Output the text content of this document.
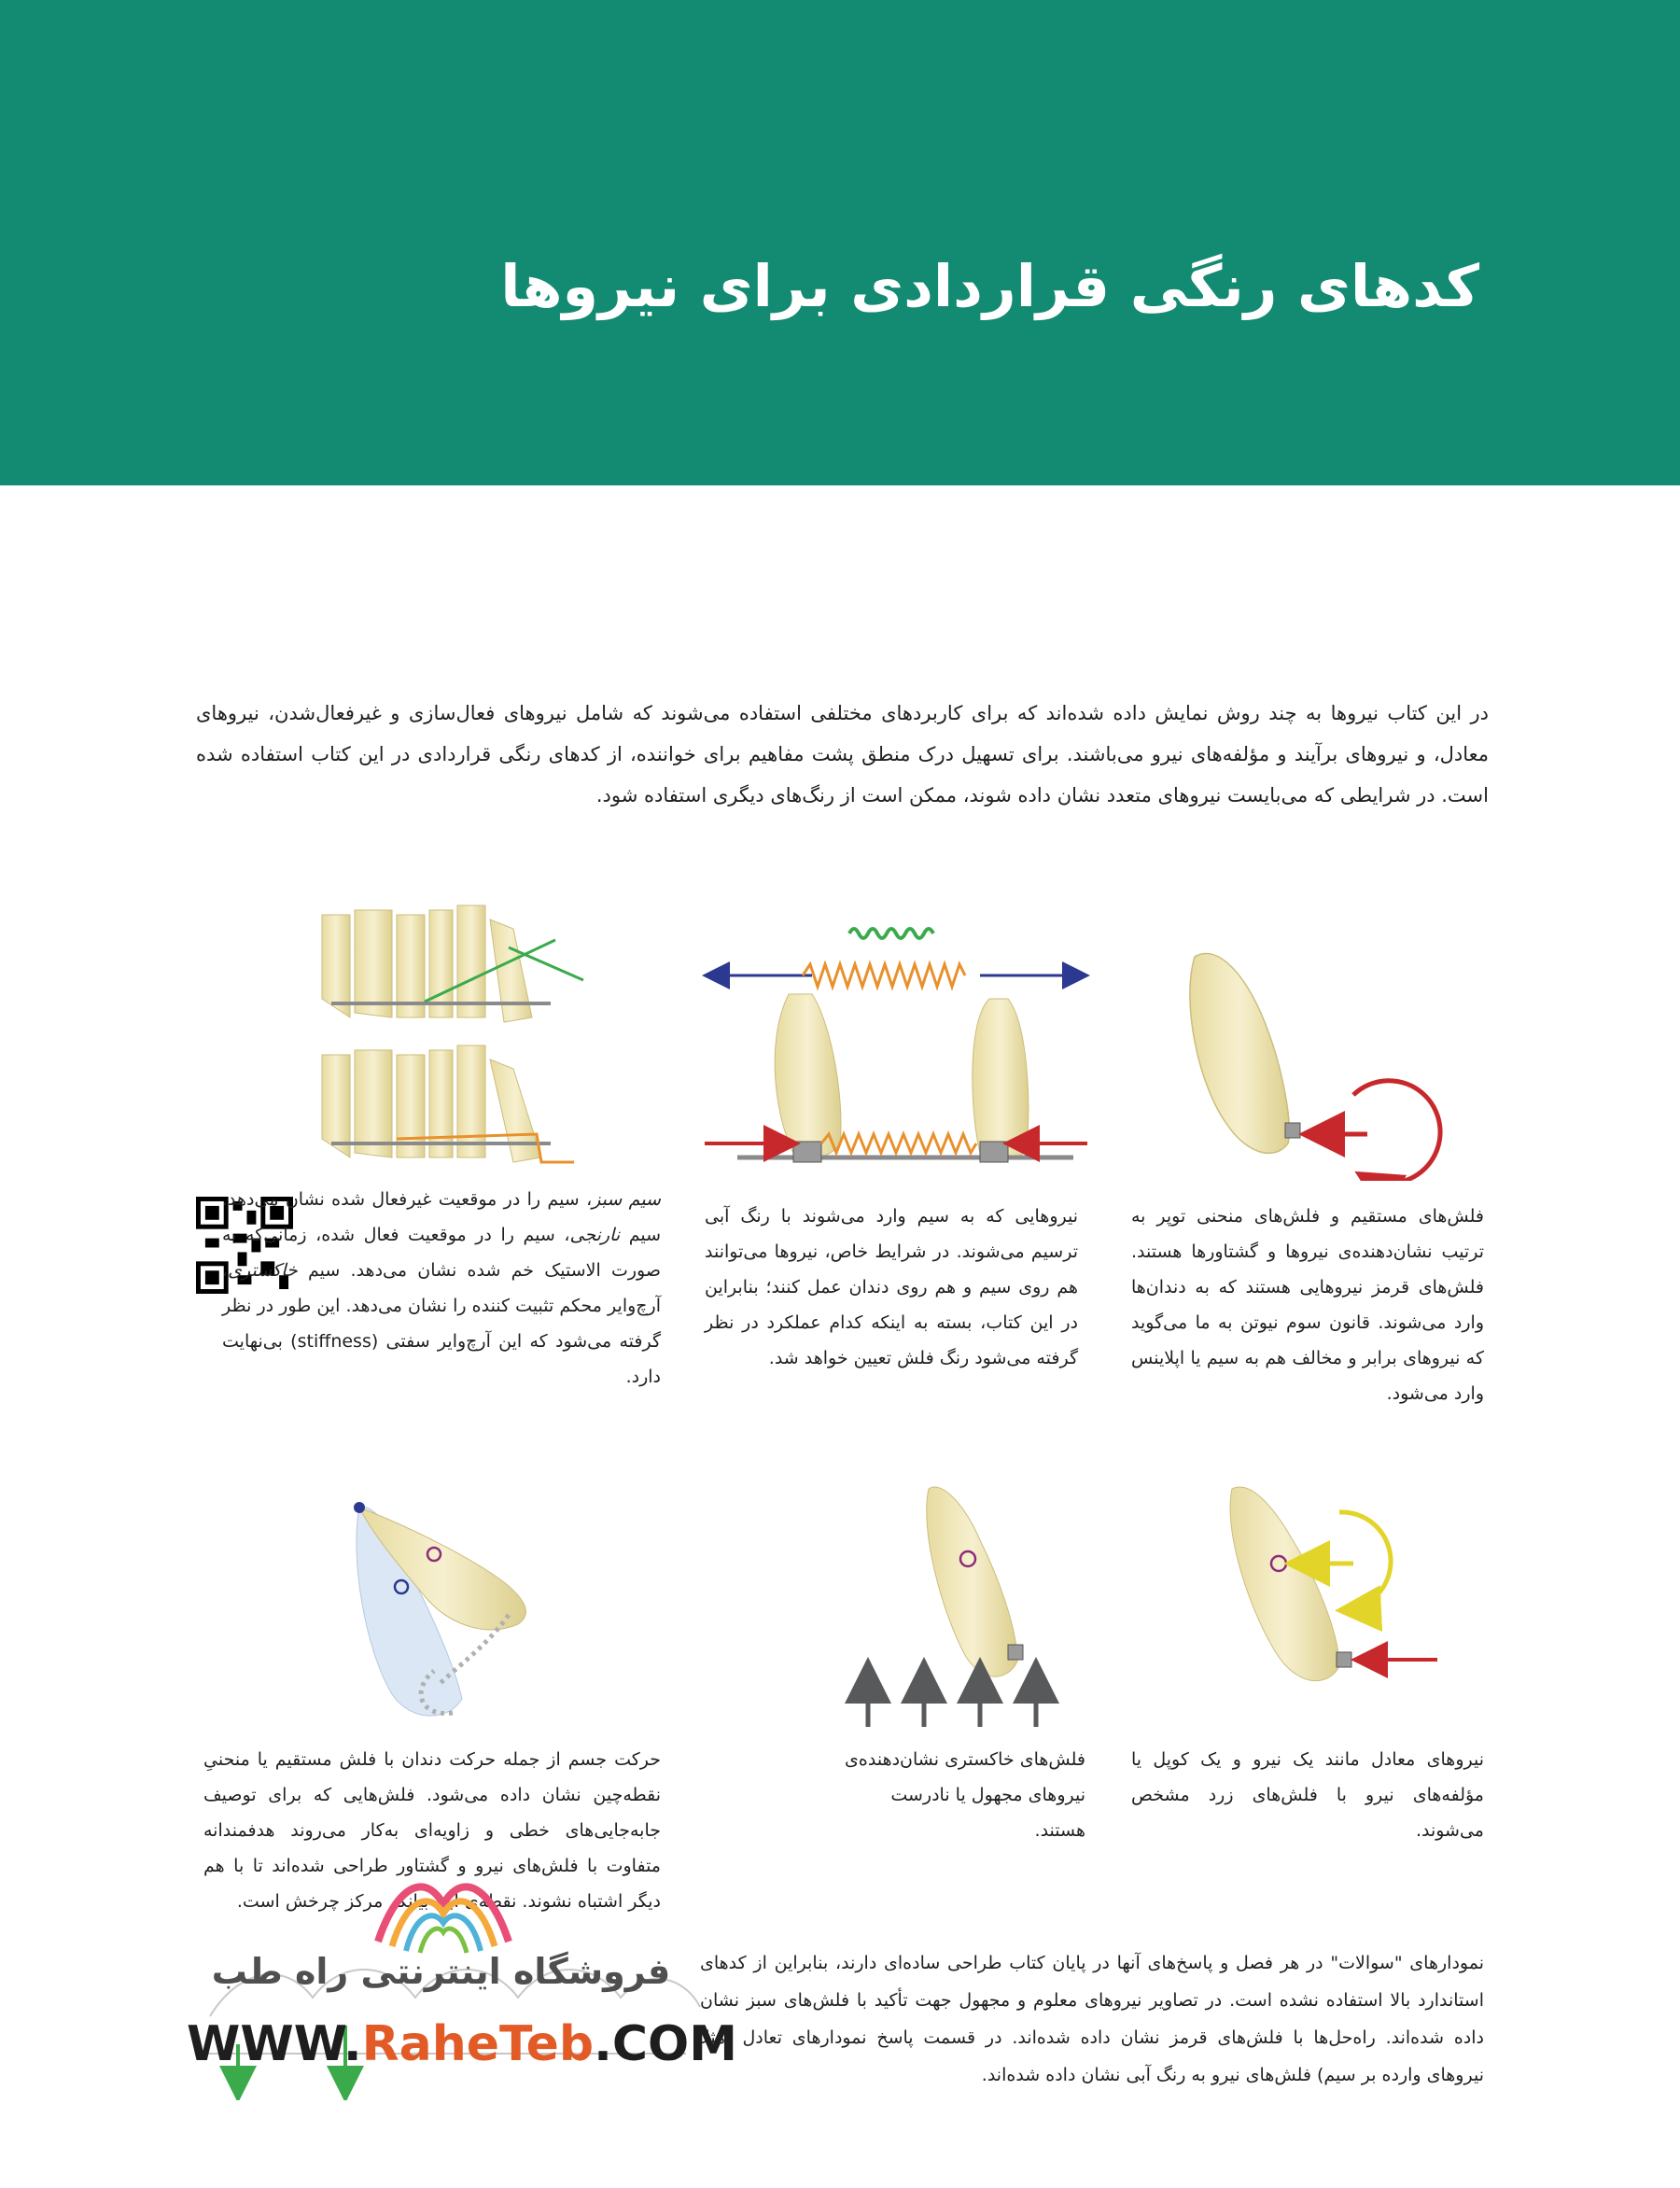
کدهای رنگی قراردادی برای نیروها

در این کتاب نیروها به چند روش نمایش داده شده‌اند که برای کاربردهای مختلفی استفاده می‌شوند که شامل نیروهای فعال‌سازی و غیرفعال‌شدن، نیروهای معادل، و نیروهای برآیند و مؤلفه‌های نیرو می‌باشند. برای تسهیل در‌ک منطق پشت مفاهیم برای خواننده، از کدهای رنگی قراردادی در این کتاب استفاده شده است. در شرایطی که می‌بایست نیروهای متعدد نشان داده شوند، ممکن است از رنگ‌های دیگری استفاده شود.

فلش‌های مستقیم و فلش‌های منحنی توپر به ترتیب نشان‌دهنده‌ی نیروها و گشتاورها هستند. فلش‌های قرمز نیروهایی هستند که به دندان‌ها وارد می‌شوند. قانون سوم نیوتن به ما می‌گوید که نیروهای برابر و مخالف هم به سیم یا اپلاینس وارد می‌شود.

نیروهایی که به سیم وارد می‌شوند با رنگ آبی ترسیم می‌شوند. در شرایط خاص، نیروها می‌توانند هم روی سیم و هم روی دندان عمل کنند؛ بنابراین در این کتاب، بسته به اینکه کدام عملکرد در نظر گرفته می‌شود رنگ فلش تعیین خواهد شد.

سیم سبز، سیم را در موقعیت غیرفعال شده نشان می‌دهد. سیم نارنجی، سیم را در موقعیت فعال شده، زمانی‌که به صورت الاستیک خم شده نشان می‌دهد. سیم خاکستری، آرچ‌وایر محکم تثبیت کننده را نشان می‌دهد. این طور در نظر گرفته می‌شود که این آرچ‌وایر سفتی (stiffness) بی‌نهایت دارد.

نیروهای معادل مانند یک نیرو و یک کوپل یا مؤلفه‌های نیرو با فلش‌های زرد مشخص می‌شوند.

فلش‌های خاکستری نشان‌دهنده‌ی نیروهای مجهول یا نادرست هستند.

حرکت جسم از جمله حرکت دندان با فلش مستقیم یا منحنیِ نقطه‌چین نشان داده می‌شود. فلش‌هایی که برای توصیف جابه‌جایی‌های خطی و زاویه‌ای به‌کار می‌روند هدفمندانه متفاوت با فلش‌های نیرو و گشتاور طراحی شده‌اند تا با هم دیگر اشتباه نشوند. نقطه‌ی آبی بیانگر مرکز چرخش است.

نمودارهای "سوالات" در هر فصل و پاسخ‌های آنها در پایان کتاب طراحی ساده‌ای دارند، بنابراین از کدهای استاندارد بالا استفاده نشده است. در تصاویر نیروهای معلوم و مجهول جهت تأکید با فلش‌های سبز نشان داده شده‌اند. راه‌حل‌ها با فلش‌های قرمز نشان داده شده‌اند. در قسمت پاسخ نمودارهای تعادل (مثلاً نیروهای وارده بر سیم) فلش‌های نیرو به رنگ آبی نشان داده شده‌اند.

فروشگاه اینترنتی راه طب
WWW.RaheTeb.COM
